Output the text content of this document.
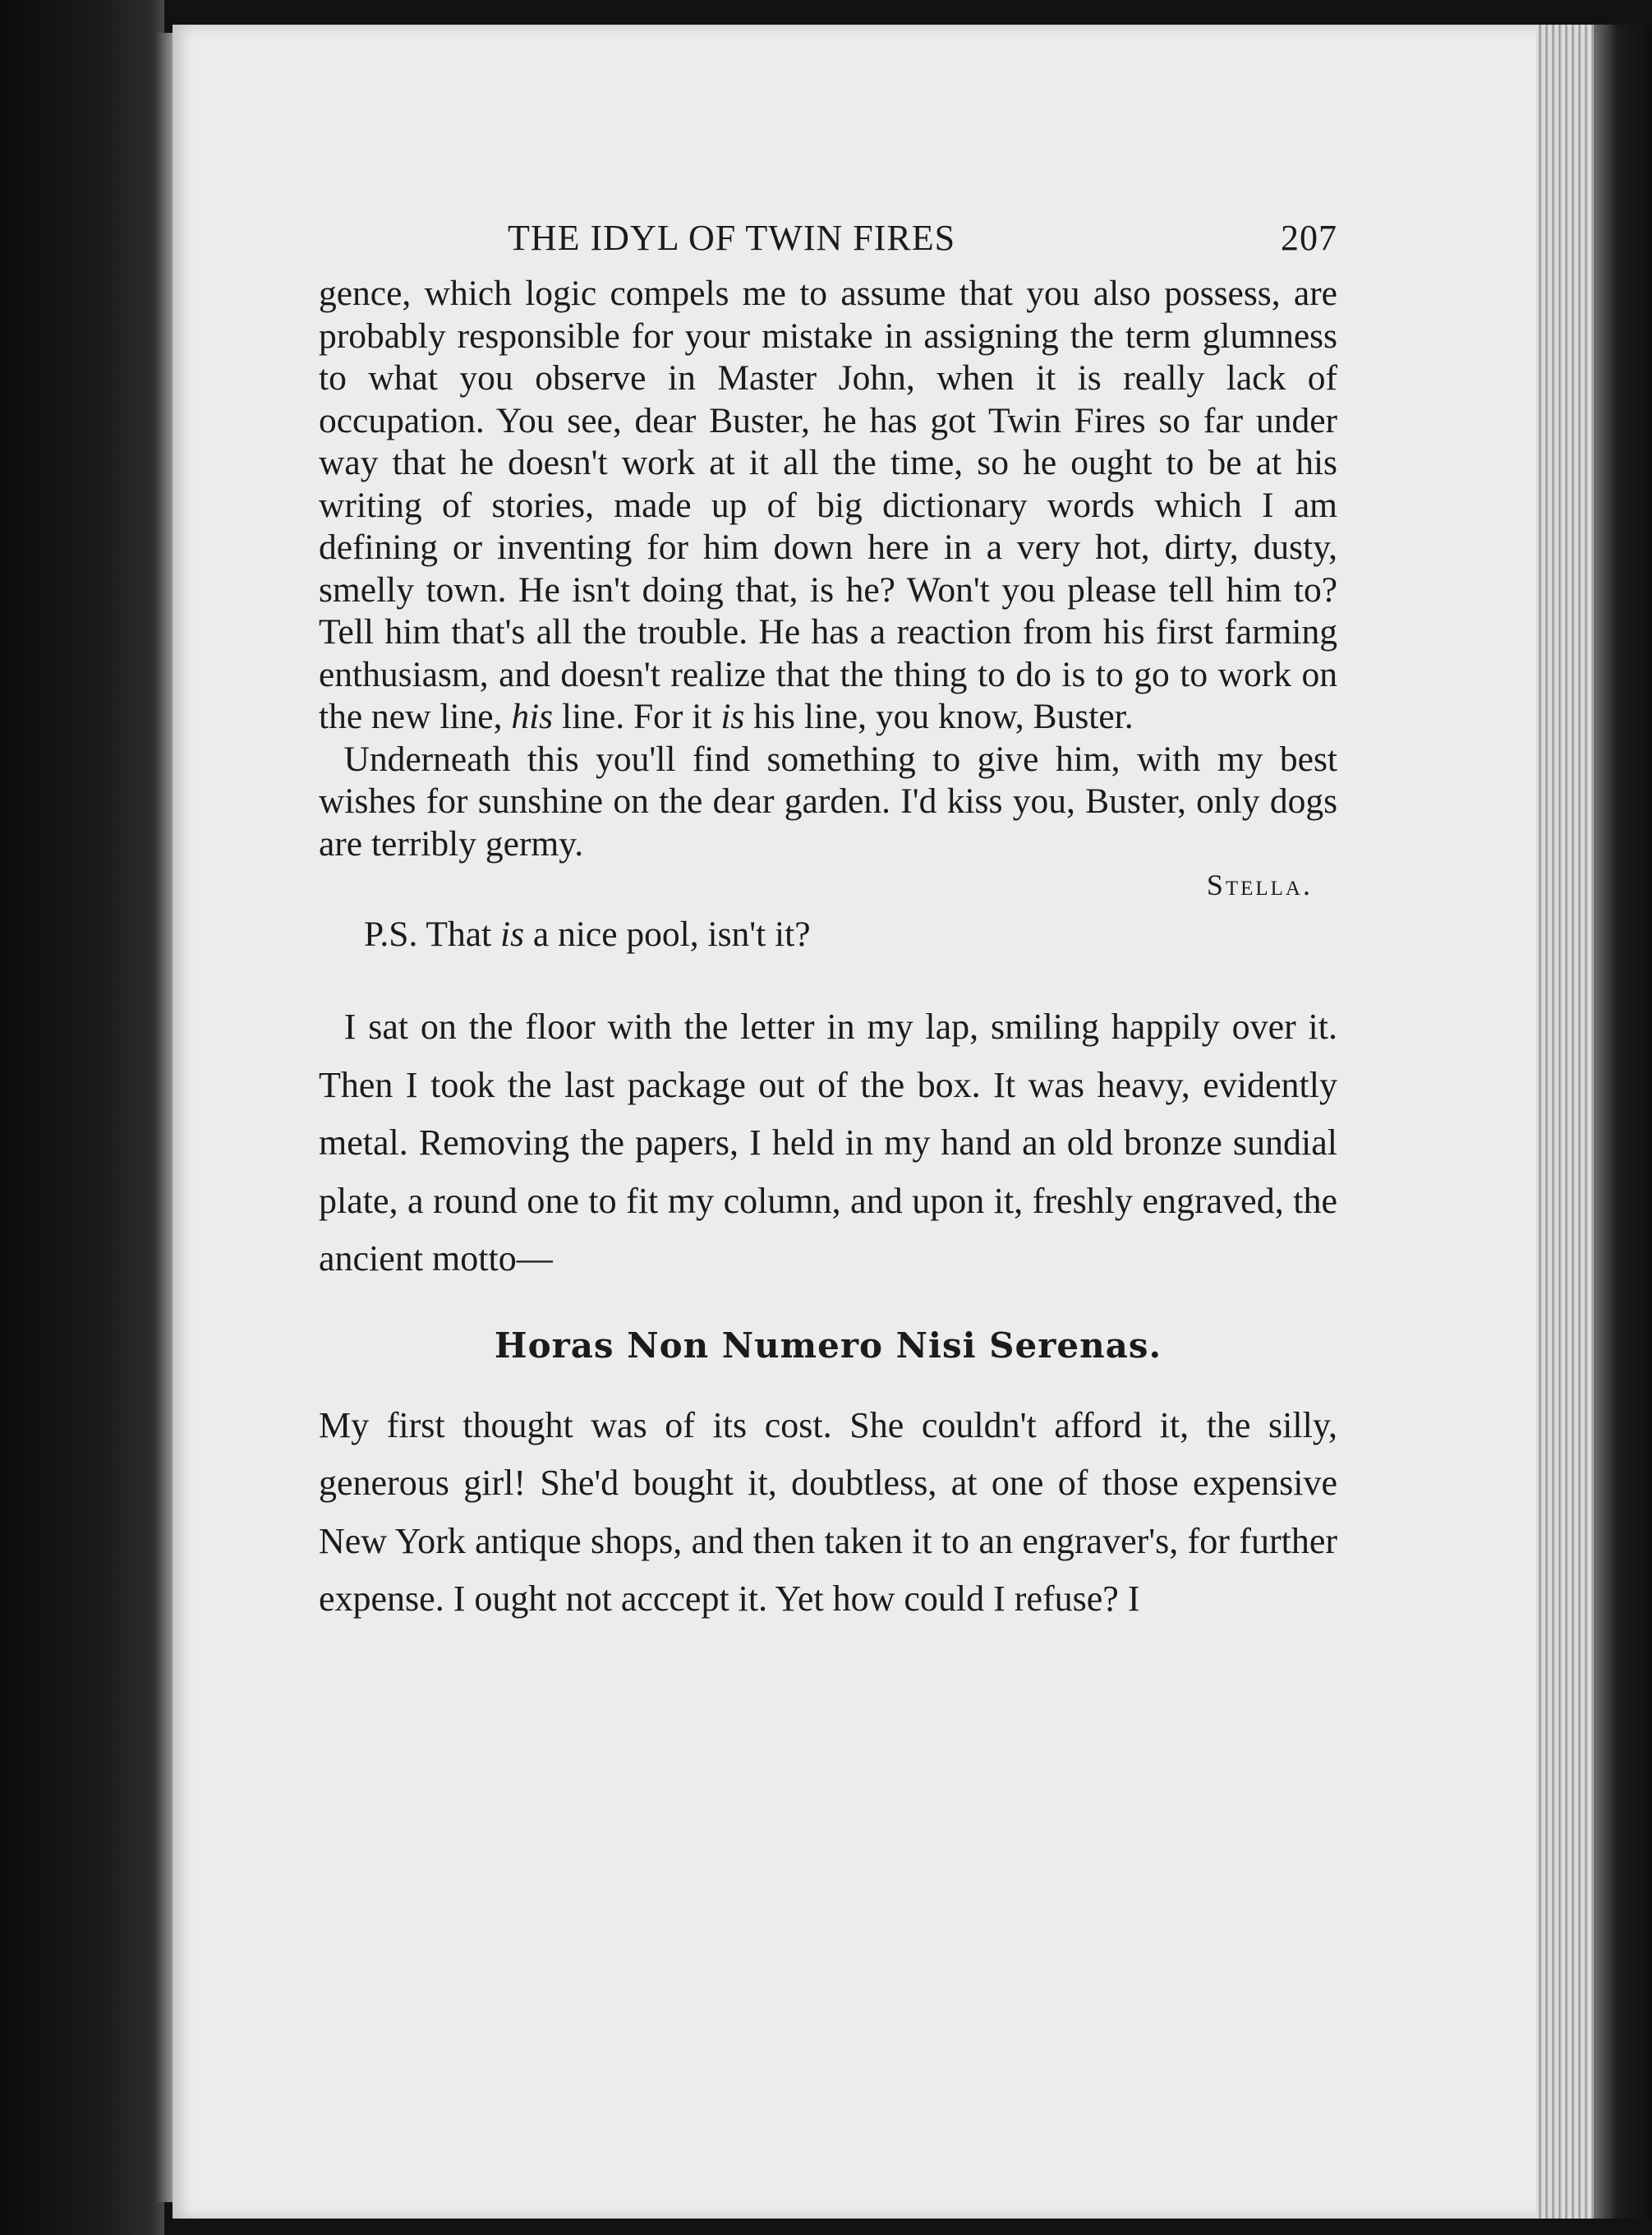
THE IDYL OF TWIN FIRES	207

gence, which logic compels me to assume that you also possess, are probably responsible for your mistake in assigning the term glumness to what you observe in Master John, when it is really lack of occupation. You see, dear Buster, he has got Twin Fires so far under way that he doesn't work at it all the time, so he ought to be at his writing of stories, made up of big dictionary words which I am defining or inventing for him down here in a very hot, dirty, dusty, smelly town. He isn't doing that, is he? Won't you please tell him to? Tell him that's all the trouble. He has a reaction from his first farming enthusiasm, and doesn't realize that the thing to do is to go to work on the new line, his line. For it is his line, you know, Buster.

Underneath this you'll find something to give him, with my best wishes for sunshine on the dear garden. I'd kiss you, Buster, only dogs are terribly germy.

Stella.
P.S. That is a nice pool, isn't it?

I sat on the floor with the letter in my lap, smiling happily over it. Then I took the last package out of the box. It was heavy, evidently metal. Removing the papers, I held in my hand an old bronze sundial plate, a round one to fit my column, and upon it, freshly engraved, the ancient motto—

Horas Non Numero Nisi Serenas.

My first thought was of its cost. She couldn't afford it, the silly, generous girl! She'd bought it, doubtless, at one of those expensive New York antique shops, and then taken it to an engraver's, for further expense. I ought not acccept it. Yet how could I refuse? I
